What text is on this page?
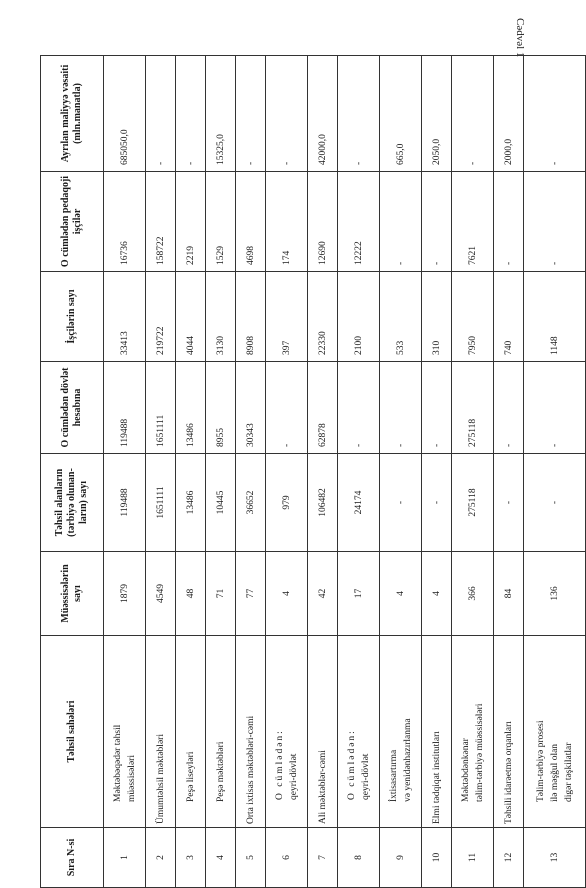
Cədvəl 1
Sıra N-si	Təhsil sahələri	Müəssisələrin sayı	Təhsil alanların (tərbiyə olunan-ların) sayı	O cümlədən dövlət hesabına	İşçilərin sayı	O cümlədən pedaqoji işçilər	Ayrılan maliyyə vəsaiti (mln.manatla)
1	Məktəbəqədər təhsil müəssisələri	1879	119488	119488	33413	16736	685050,0
2	Ümumtəhsil məktəbləri	4549	1651111	1651111	219722	158722	-
3	Peşə liseyləri	48	13486	13486	4044	2219	-
4	Peşə məktəbləri	71	10445	8955	3130	1529	15325,0
5	Orta ixtisas məktəbləri-cəmi	77	36652	30343	8908	4698	-
6	O cümlədən: qeyri-dövlət	4	979	-	397	174	-
7	Ali məktəblər-cəmi	42	106482	62878	22330	12690	42000,0
8	O cümlədən: qeyri-dövlət	17	24174	-	2100	12222	-
9	İxtisasartırma və yenidənhazırlanma	4	-	-	533	-	665,0
10	Elmi tədqiqat institutları	4	-	-	310	-	2050,0
11	Məktəbdənkənar təlim-tərbiyə müəssisələri	366	275118	275118	7950	7621	-
12	Təhsili idarəetmə orqanları	84	-	-	740	-	2000,0
13	Təlim-tərbiyə prosesi ilə məşğul olan digər təşkilatlar	136	-	-	1148	-	-
